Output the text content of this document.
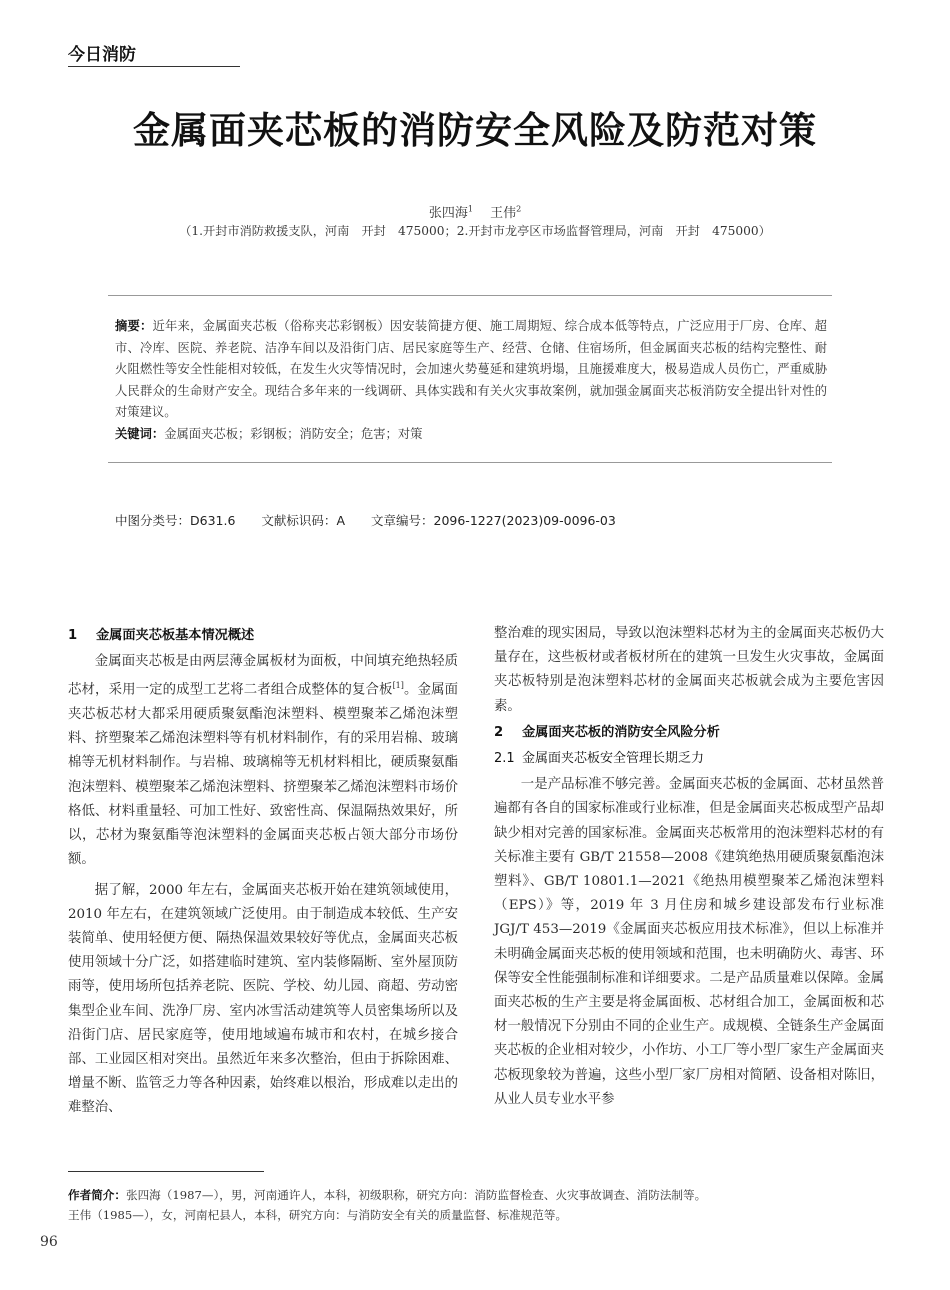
今日消防
金属面夹芯板的消防安全风险及防范对策
张四海$^1$　 王伟$^2$
（1.开封市消防救援支队，河南　开封　475000；2.开封市龙亭区市场监督管理局，河南　开封　475000）
摘要：近年来，金属面夹芯板（俗称夹芯彩钢板）因安装简捷方便、施工周期短、综合成本低等特点，广泛应用于厂房、仓库、超市、冷库、医院、养老院、洁净车间以及沿街门店、居民家庭等生产、经营、仓储、住宿场所，但金属面夹芯板的结构完整性、耐火阻燃性等安全性能相对较低，在发生火灾等情况时，会加速火势蔓延和建筑坍塌，且施援难度大，极易造成人员伤亡，严重威胁人民群众的生命财产安全。现结合多年来的一线调研、具体实践和有关火灾事故案例，就加强金属面夹芯板消防安全提出针对性的对策建议。
关键词：金属面夹芯板；彩钢板；消防安全；危害；对策
中图分类号：D631.6 文献标识码：A 文章编号：2096-1227(2023)09-0096-03
1 金属面夹芯板基本情况概述

金属面夹芯板是由两层薄金属板材为面板，中间填充绝热轻质芯材，采用一定的成型工艺将二者组合成整体的复合板[1]。金属面夹芯板芯材大都采用硬质聚氨酯泡沫塑料、模塑聚苯乙烯泡沫塑料、挤塑聚苯乙烯泡沫塑料等有机材料制作，有的采用岩棉、玻璃棉等无机材料制作。与岩棉、玻璃棉等无机材料相比，硬质聚氨酯泡沫塑料、模塑聚苯乙烯泡沫塑料、挤塑聚苯乙烯泡沫塑料市场价格低、材料重量轻、可加工性好、致密性高、保温隔热效果好，所以，芯材为聚氨酯等泡沫塑料的金属面夹芯板占领大部分市场份额。

据了解，2000 年左右，金属面夹芯板开始在建筑领域使用，2010 年左右，在建筑领域广泛使用。由于制造成本较低、生产安装简单、使用轻便方便、隔热保温效果较好等优点，金属面夹芯板使用领域十分广泛，如搭建临时建筑、室内装修隔断、室外屋顶防雨等，使用场所包括养老院、医院、学校、幼儿园、商超、劳动密集型企业车间、洗净厂房、室内冰雪活动建筑等人员密集场所以及沿街门店、居民家庭等，使用地域遍布城市和农村，在城乡接合部、工业园区相对突出。虽然近年来多次整治，但由于拆除困难、增量不断、监管乏力等各种因素，始终难以根治，形成难以走出的难整治、

整治难的现实困局，导致以泡沫塑料芯材为主的金属面夹芯板仍大量存在，这些板材或者板材所在的建筑一旦发生火灾事故，金属面夹芯板特别是泡沫塑料芯材的金属面夹芯板就会成为主要危害因素。

2 金属面夹芯板的消防安全风险分析
2.1 金属面夹芯板安全管理长期乏力

一是产品标准不够完善。金属面夹芯板的金属面、芯材虽然普遍都有各自的国家标准或行业标准，但是金属面夹芯板成型产品却缺少相对完善的国家标准。金属面夹芯板常用的泡沫塑料芯材的有关标准主要有 GB/T 21558—2008《建筑绝热用硬质聚氨酯泡沫塑料》、GB/T 10801.1—2021《绝热用模塑聚苯乙烯泡沫塑料（EPS）》等，2019 年 3 月住房和城乡建设部发布行业标准 JGJ/T 453—2019《金属面夹芯板应用技术标准》，但以上标准并未明确金属面夹芯板的使用领域和范围，也未明确防火、毒害、环保等安全性能强制标准和详细要求。二是产品质量难以保障。金属面夹芯板的生产主要是将金属面板、芯材组合加工，金属面板和芯材一般情况下分别由不同的企业生产。成规模、全链条生产金属面夹芯板的企业相对较少，小作坊、小工厂等小型厂家生产金属面夹芯板现象较为普遍，这些小型厂家厂房相对简陋、设备相对陈旧，从业人员专业水平参

作者简介：张四海（1987—），男，河南通许人，本科，初级职称，研究方向：消防监督检查、火灾事故调查、消防法制等。
王伟（1985—），女，河南杞县人，本科，研究方向：与消防安全有关的质量监督、标准规范等。
96
